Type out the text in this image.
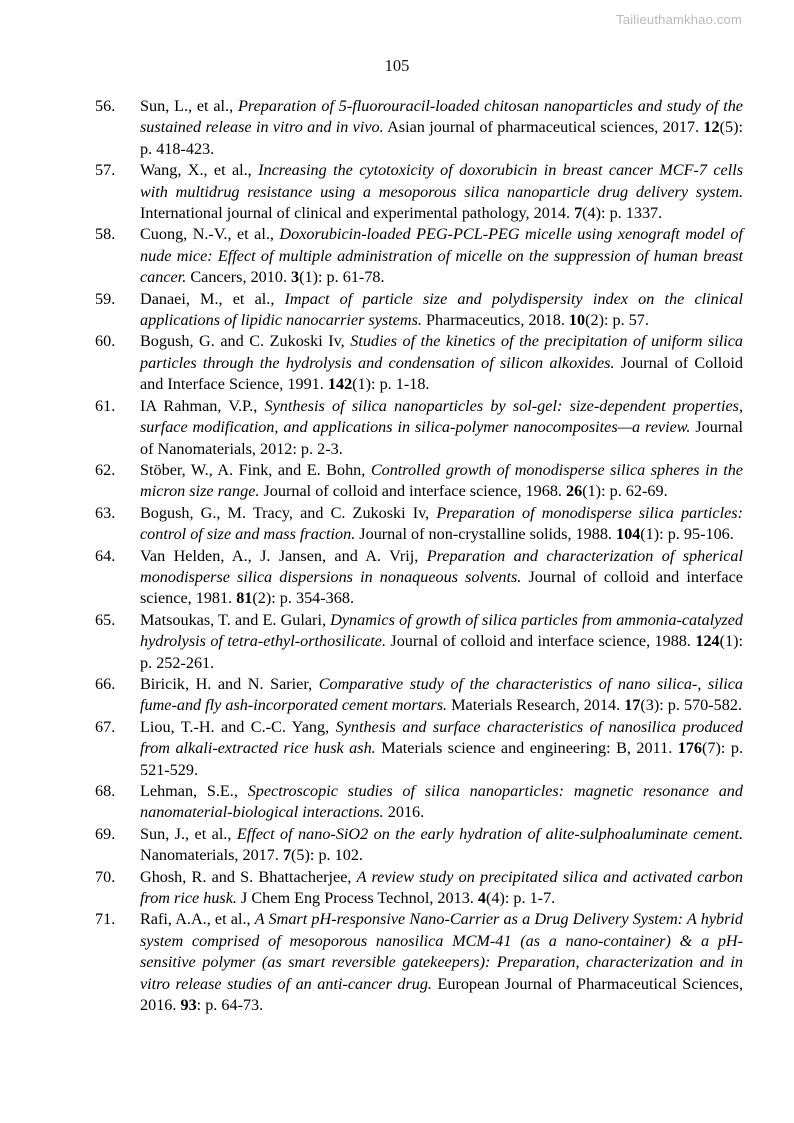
Tailieuthamkhao.com
105
56.	Sun, L., et al., Preparation of 5-fluorouracil-loaded chitosan nanoparticles and study of the sustained release in vitro and in vivo. Asian journal of pharmaceutical sciences, 2017. 12(5): p. 418-423.
57.	Wang, X., et al., Increasing the cytotoxicity of doxorubicin in breast cancer MCF-7 cells with multidrug resistance using a mesoporous silica nanoparticle drug delivery system. International journal of clinical and experimental pathology, 2014. 7(4): p. 1337.
58.	Cuong, N.-V., et al., Doxorubicin-loaded PEG-PCL-PEG micelle using xenograft model of nude mice: Effect of multiple administration of micelle on the suppression of human breast cancer. Cancers, 2010. 3(1): p. 61-78.
59.	Danaei, M., et al., Impact of particle size and polydispersity index on the clinical applications of lipidic nanocarrier systems. Pharmaceutics, 2018. 10(2): p. 57.
60.	Bogush, G. and C. Zukoski Iv, Studies of the kinetics of the precipitation of uniform silica particles through the hydrolysis and condensation of silicon alkoxides. Journal of Colloid and Interface Science, 1991. 142(1): p. 1-18.
61.	IA Rahman, V.P., Synthesis of silica nanoparticles by sol-gel: size-dependent properties, surface modification, and applications in silica-polymer nanocomposites—a review. Journal of Nanomaterials, 2012: p. 2-3.
62.	Stöber, W., A. Fink, and E. Bohn, Controlled growth of monodisperse silica spheres in the micron size range. Journal of colloid and interface science, 1968. 26(1): p. 62-69.
63.	Bogush, G., M. Tracy, and C. Zukoski Iv, Preparation of monodisperse silica particles: control of size and mass fraction. Journal of non-crystalline solids, 1988. 104(1): p. 95-106.
64.	Van Helden, A., J. Jansen, and A. Vrij, Preparation and characterization of spherical monodisperse silica dispersions in nonaqueous solvents. Journal of colloid and interface science, 1981. 81(2): p. 354-368.
65.	Matsoukas, T. and E. Gulari, Dynamics of growth of silica particles from ammonia-catalyzed hydrolysis of tetra-ethyl-orthosilicate. Journal of colloid and interface science, 1988. 124(1): p. 252-261.
66.	Biricik, H. and N. Sarier, Comparative study of the characteristics of nano silica-, silica fume-and fly ash-incorporated cement mortars. Materials Research, 2014. 17(3): p. 570-582.
67.	Liou, T.-H. and C.-C. Yang, Synthesis and surface characteristics of nanosilica produced from alkali-extracted rice husk ash. Materials science and engineering: B, 2011. 176(7): p. 521-529.
68.	Lehman, S.E., Spectroscopic studies of silica nanoparticles: magnetic resonance and nanomaterial-biological interactions. 2016.
69.	Sun, J., et al., Effect of nano-SiO2 on the early hydration of alite-sulphoaluminate cement. Nanomaterials, 2017. 7(5): p. 102.
70.	Ghosh, R. and S. Bhattacherjee, A review study on precipitated silica and activated carbon from rice husk. J Chem Eng Process Technol, 2013. 4(4): p. 1-7.
71.	Rafi, A.A., et al., A Smart pH-responsive Nano-Carrier as a Drug Delivery System: A hybrid system comprised of mesoporous nanosilica MCM-41 (as a nano-container) & a pH-sensitive polymer (as smart reversible gatekeepers): Preparation, characterization and in vitro release studies of an anti-cancer drug. European Journal of Pharmaceutical Sciences, 2016. 93: p. 64-73.
